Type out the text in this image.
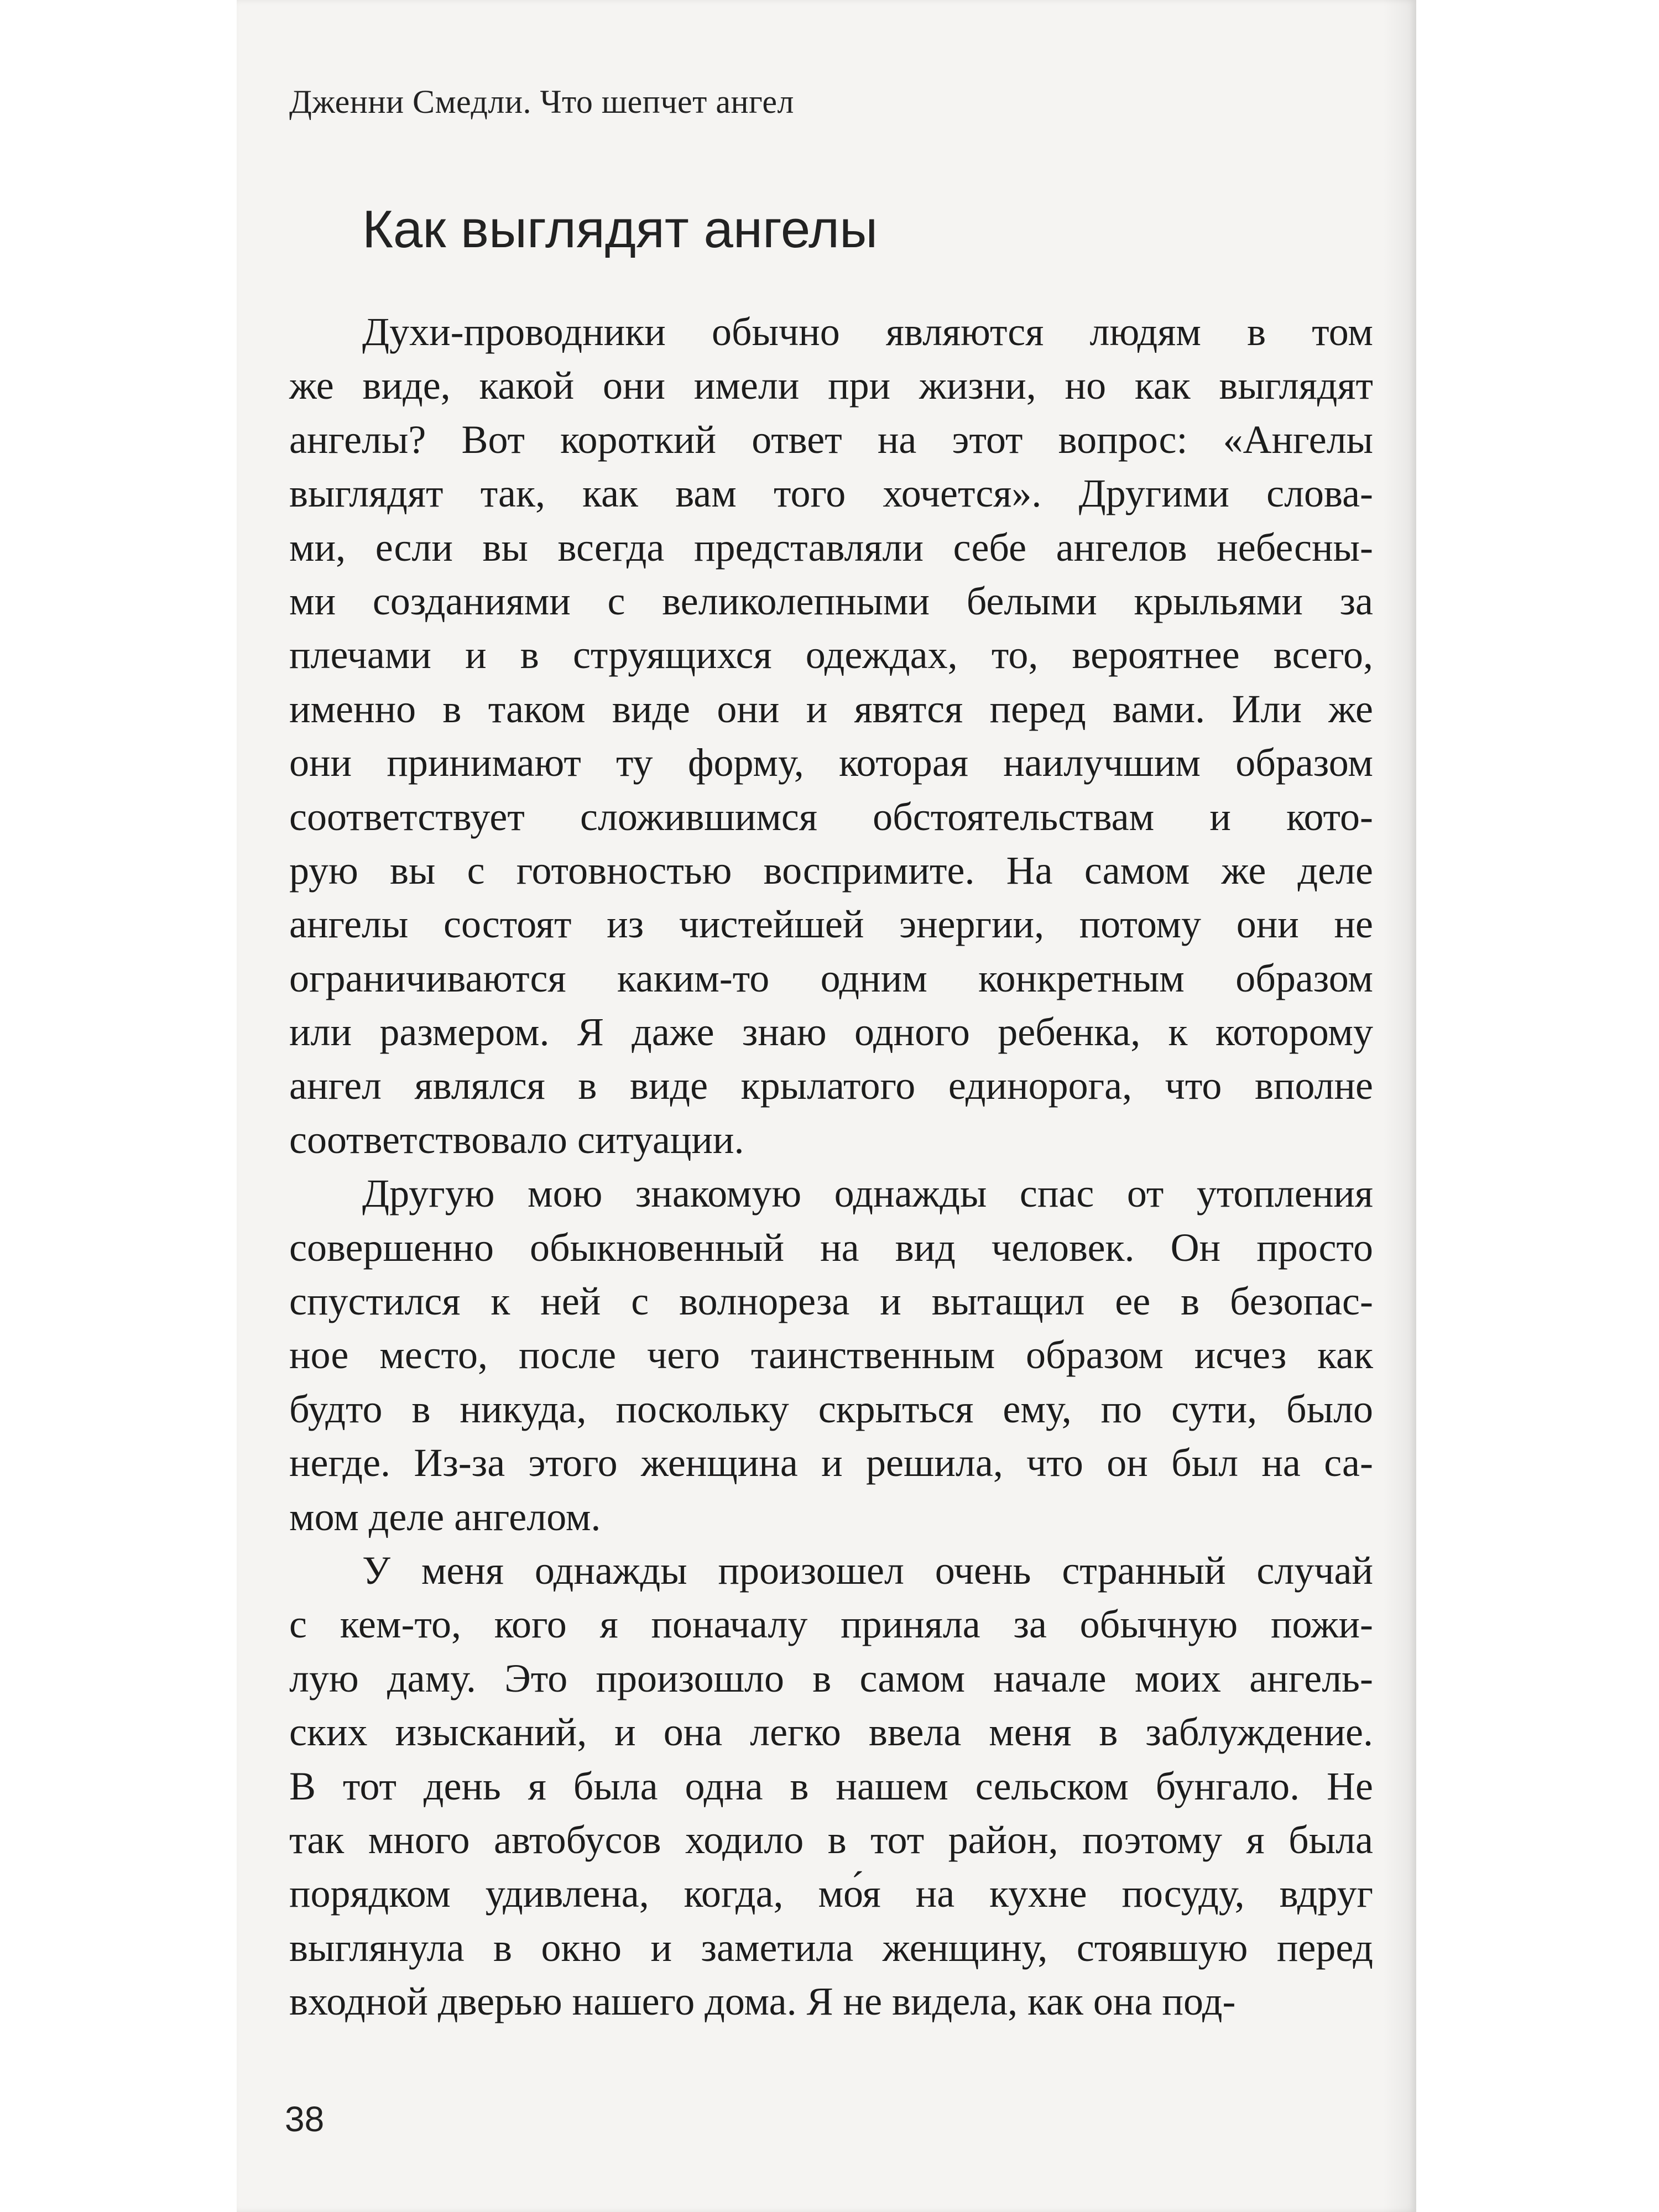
Дженни Смедли. Что шепчет ангел
Как выглядят ангелы
Духи-проводники обычно являются людям в том
же виде, какой они имели при жизни, но как выглядят
ангелы? Вот короткий ответ на этот вопрос: «Ангелы
выглядят так, как вам того хочется». Другими слова-
ми, если вы всегда представляли себе ангелов небесны-
ми созданиями с великолепными белыми крыльями за
плечами и в струящихся одеждах, то, вероятнее всего,
именно в таком виде они и явятся перед вами. Или же
они принимают ту форму, которая наилучшим образом
соответствует сложившимся обстоятельствам и кото-
рую вы с готовностью воспримите. На самом же деле
ангелы состоят из чистейшей энергии, потому они не
ограничиваются каким-то одним конкретным образом
или размером. Я даже знаю одного ребенка, к которому
ангел являлся в виде крылатого единорога, что вполне
соответствовало ситуации.
Другую мою знакомую однажды спас от утопления
совершенно обыкновенный на вид человек. Он просто
спустился к ней с волнореза и вытащил ее в безопас-
ное место, после чего таинственным образом исчез как
будто в никуда, поскольку скрыться ему, по сути, было
негде. Из-за этого женщина и решила, что он был на са-
мом деле ангелом.
У меня однажды произошел очень странный случай
с кем-то, кого я поначалу приняла за обычную пожи-
лую даму. Это произошло в самом начале моих ангель-
ских изысканий, и она легко ввела меня в заблуждение.
В тот день я была одна в нашем сельском бунгало. Не
так много автобусов ходило в тот район, поэтому я была
порядком удивлена, когда, мо́я на кухне посуду, вдруг
выглянула в окно и заметила женщину, стоявшую перед
входной дверью нашего дома. Я не видела, как она под-
38
